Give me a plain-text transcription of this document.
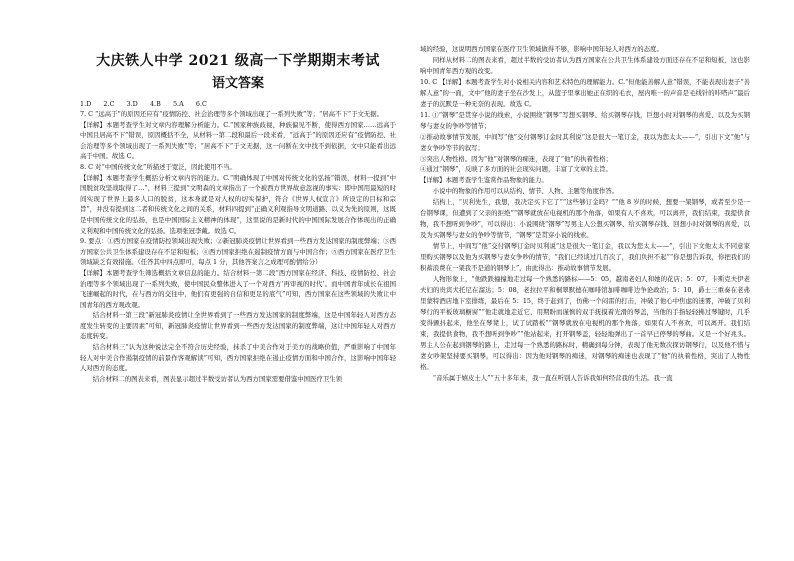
大庆铁人中学 2021 级高一下学期期末考试
语文答案
1.D      2.C      3.D      4.B      5.A      6.C

7. C “远高于”的原因还应有“疫情防控、社会治理等多个领域出现了一系列失败”等；“居高不下”于文无据。

【详解】本题考查学生对文章内容理解分析能力。C.“国家种族歧视、种族偏见不断，使得西方国家……远高于中国且居高不下”错误，原因概括不全，从材料一第二段和最后一段来看，“远高于”的原因还应有“疫情防控、社会治理等多个领域出现了一系列失败”等；“居高不下”于文无据，这一问断在文中找不到依据，文中只能看出远高于中国。故选 C。

8. C 对“中国传统文化”所描述于宽泛，因此使用不当。

【详解】本题考查学生概括分析文章内容的能力。C.“明确体现了中国对传统文化的弘扬”错误，材料一提到“中国脱贫攻坚战取得了…”，材料三提到“文明森的文章指出了一个被西方世界故意忽视的事实：即中国用最短的时间实现了世界上最多人口的脱贫，这本身就是对人权的切实保护，符合《世界人权宣言》所设定的目标和宗旨”，并没有提到这二者和传统文化之间的关系，材料四提到“正确义利观指导文明道路、以义为先的原则，这既是中国传统文化的弘扬，也是中国国际主义精神的体现”，这里说的是新时代的中国国际发展合作体现出的正确义利观和中国传统文化的弘扬。选项张冠李戴。故选 C。

9. 要点：①西方国家在疫情防控领域出现失败；②新冠肺炎疫情让世界看到一些西方发达国家的制度弊端；③西方国家公共卫生体系建设存在不足和短板；④西方国家拒绝在遏制疫情方面与中国合作；⑤西方国家在医疗卫生领域缺乏有效措施。（任答其中四点即可，每点 1 分，其他答案言之成理可酌情给分）

【详解】本题考查学生筛选概括文章信息的能力。结合材料一第二段“西方国家在经济、科技、疫情防控、社会治理等多个领域出现了一系列失败，使中国民众整体进入了一个对西方‘再审视的时代’。而中国青年成长在祖国飞速崛起的时代，在与西方的交往中，他们有更强的自信和更足的底气”可知，西方国家在这些领域的失败让中国青年的西方观改观。

结合材料一第三段“新冠肺炎疫情让全世界看到了一些西方发达国家的制度弊端，这是中国年轻人对西方态度发生转变的主要因素”可知，新冠肺炎疫情让世界看到一些西方发达国家的制度弊端，这让中国年轻人对西方态度转变。

结合材料三“认为这种说法完全不符合历史经验，抹杀了中美合作对于美方的战略价值，严重影响了中国年轻人对中美合作遏制疫情的前景作客观解读”可知，西方国家拒绝在遏止疫情方面和中国合作，这影响中国年轻人对西方的态度。

结合材料二的图表来看，图表显示超过半数受访者认为西方国家需要借鉴中国医疗卫生领

域的经验，这说明西方国家在医疗卫生领域做得不够，影响中国年轻人对西方的态度。

同样从材料二的图表来看，超过半数的受访者认为西方国家在公共卫生体系建设方面还存在不足和短板，这也影响中国青年西方观的改变。

10. C 【详解】本题考查学生对小说相关内容和艺术特色的理解能力。C.“但他能善解人意”错误，不能表现出妻子“善解人意”的一面，文中“他的妻子坐在沙发上，从篮子里拿出她正在织的毛衣，屋内唯一的声音是毛线针的咔嗒声”最后妻子的沉默是一种无奈的表现。故选 C。

11. ①“钢琴”是贯穿小说的线索，小说围绕“钢琴”写想买钢琴、给买钢琴存钱，巨想小时对钢琴的喜爱、以及为买钢琴与妻女的争吵等情节；

②推动故事情节发展，中间写“他”交付钢琴订金时其利说“这是很大一笔订金，我以为您太太——”，引出下文“他”与妻女争吵等节的叙写；

③突出人物性格。因为“他”对钢琴的痴迷，表现了“他”的执着性格；

④通过“钢琴”，反映了多方面的社会现实问题，丰富了文章的主旨。

【详解】本题考查学生鉴赏作品物象的能力。

小说中的物象的作用可以从结构、情节、人物、主题等角度作答。

结构上，“贝利先生，我想，我决定买下它了”“这些够订金吗？”“他 8 岁的时候，想要一架钢琴，或者至少是一台钢琴课，但遭到了父亲的拒绝”“钢琴就放在电视机的那个角落，如果有人不喜欢，可以离开，我们结束，我提供食物，我不想听到争吵”，可以得出：小说围绕“钢琴”写男主人公想买钢琴、给买钢琴存钱、回想小时对钢琴的喜爱，以及为买钢琴与妻女的争吵等情节，“钢琴”是贯穿小说的线索。

情节上，中间写“他”交付钢琴订金时贝利说“这是很大一笔订金，我以为您太太——”，引出下文他太太不同意家里购买钢琴以及他为买钢琴与妻女争吵的情节，“我们已经谈过几百次了，我们负担不起”“你是想告诉我，你把我们的积蓄浪费在一架我不是道的钢琴上”，由此得出：推动故事情节发展。

人物形象上，“他跌跌撞撞地走过每一个熟悉的路标——5：05，越南老妇人和她的花店；5：07，卡斯克夫伊老夫妇的贵宾犬托尼在溜达；5：08，老拉拉平和桐翠默德在咖啡馆加啡咖啡边争论政治；5：10，爵士三重奏在老弗里蒙特酒店地下室排练，最后在 5：15，终于赶到了，仿佛一个闷雷的打击，冲破了他心中焦虑的迷雾，冲破了贝利琴行的平板玻璃橱窗”“他走就地走近它，用期盼而谨慎的双手抚摸着光滑的琴盖，当他的手指轻轻拂过琴键时，几乎变得颤抖起来，他坐在琴凳上，试了试踏板”“钢琴就放在电视机的那个角落，如果有人不喜欢，可以离开。我们结束，我提供食物，我不想听到争吵”“他站起来，打开钢琴盖，轻轻地弹出了一首早已停琴的琴曲。又是一个好兆头。男主人公在起到钢琴的路上，走过每一个熟悉的路标时，精确到每分钟，表现了他无数次探访钢琴行，以及他不惜与妻女吵架坚持要买钢琴，可以得出：因为他对钢琴的痴迷，对钢琴的痴迷也表现了“他”的执着性格，突出了人物性格。

“音乐属于嬉皮士人”“五十多年来，我一直在听别人告诉我如何经营我的生活。我一直
